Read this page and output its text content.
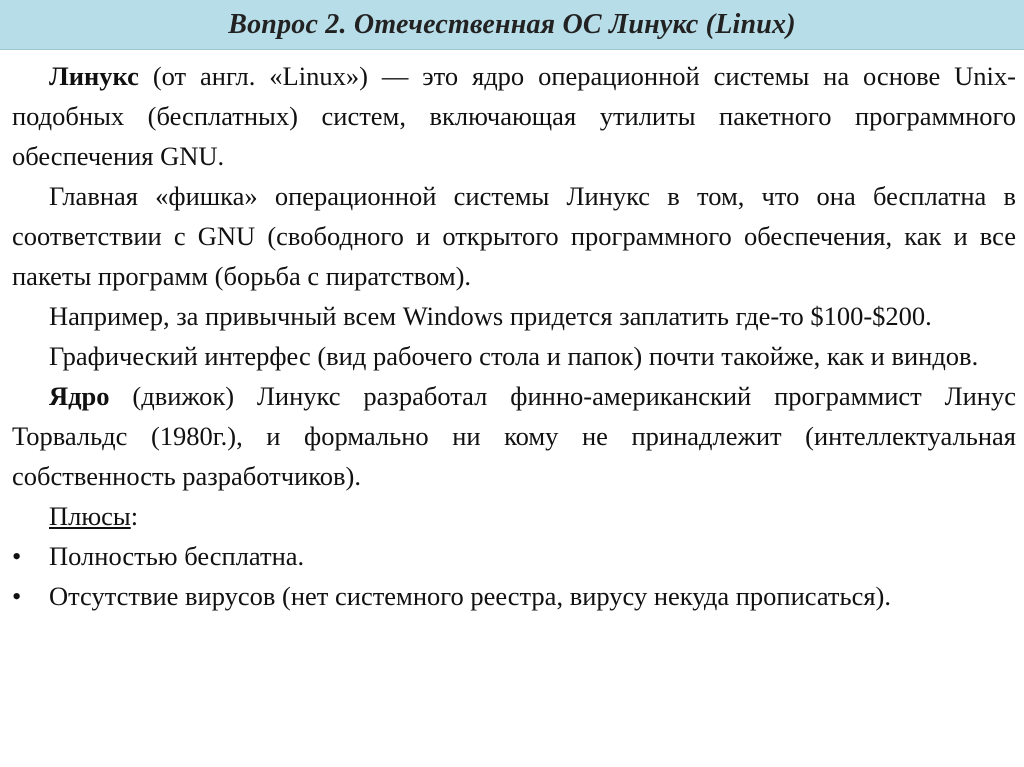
Вопрос 2. Отечественная ОС Линукс (Linux)

Линукс (от англ. «Linux») — это ядро операционной системы на основе Unix-подобных (бесплатных) систем, включающая утилиты пакетного программного обеспечения GNU.

Главная «фишка» операционной системы Линукс в том, что она бесплатна в соответствии с GNU (свободного и открытого программного обеспечения, как и все пакеты программ (борьба с пиратством).

Например, за привычный всем Windows придется заплатить где-то $100-$200.

Графический интерфес (вид рабочего стола и папок) почти такойже, как и виндов.

Ядро (движок) Линукс разработал финно-американский программист Линус Торвальдс (1980г.), и формально ни кому не принадлежит (интеллектуальная собственность разработчиков).

Плюсы:

•	Полностью бесплатна.
•	Отсутствие вирусов (нет системного реестра, вирусу некуда прописаться).
